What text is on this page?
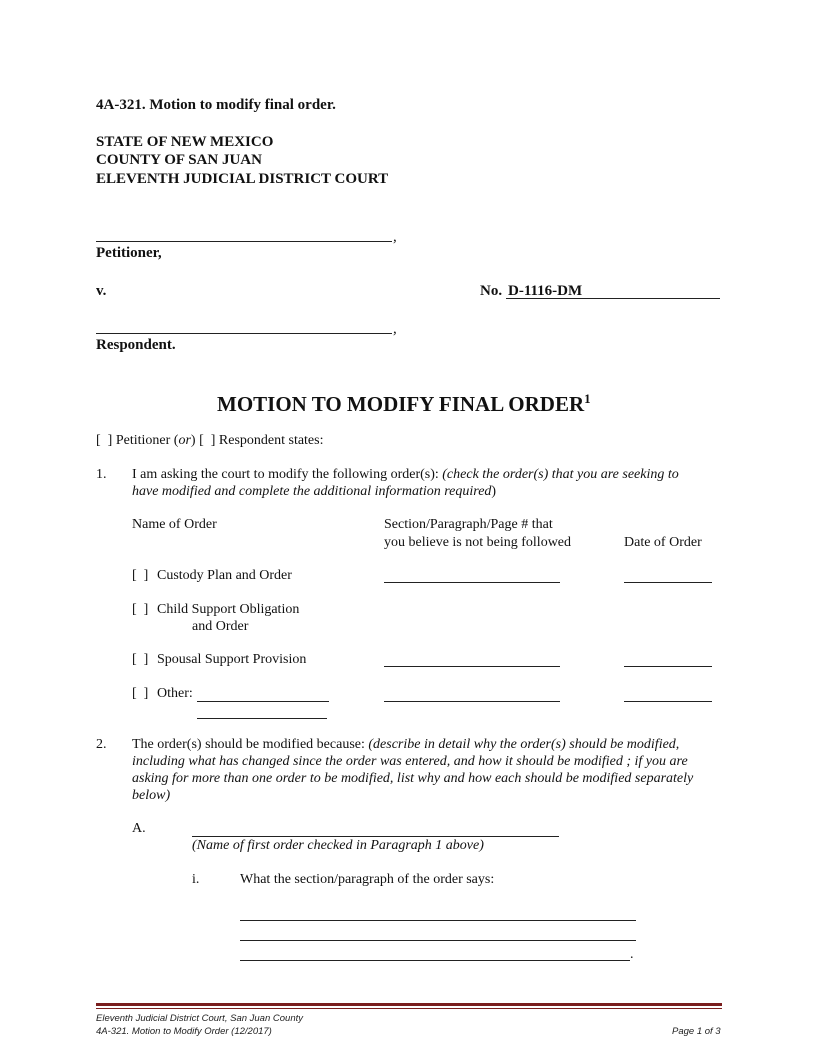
4A-321. Motion to modify final order.
STATE OF NEW MEXICO
COUNTY OF SAN JUAN
ELEVENTH JUDICIAL DISTRICT COURT
,
Petitioner,
v.	No. D-1116-DM
,
Respondent.
MOTION TO MODIFY FINAL ORDER$^1$
[  ] Petitioner (or) [  ] Respondent states:
1. I am asking the court to modify the following order(s): (check the order(s) that you are seeking to
have modified and complete the additional information required)
Name of Order	Section/Paragraph/Page # that
you believe is not being followed	Date of Order
[  ] Custody Plan and Order
[  ] Child Support Obligation
and Order
[  ] Spousal Support Provision
[  ] Other:
2. The order(s) should be modified because: (describe in detail why the order(s) should be modified,
including what has changed since the order was entered, and how it should be modified ; if you are
asking for more than one order to be modified, list why and how each should be modified separately
below)
A.
(Name of first order checked in Paragraph 1 above)
i.	What the section/paragraph of the order says:
.
Eleventh Judicial District Court, San Juan County
4A-321. Motion to Modify Order (12/2017)	Page 1 of 3
